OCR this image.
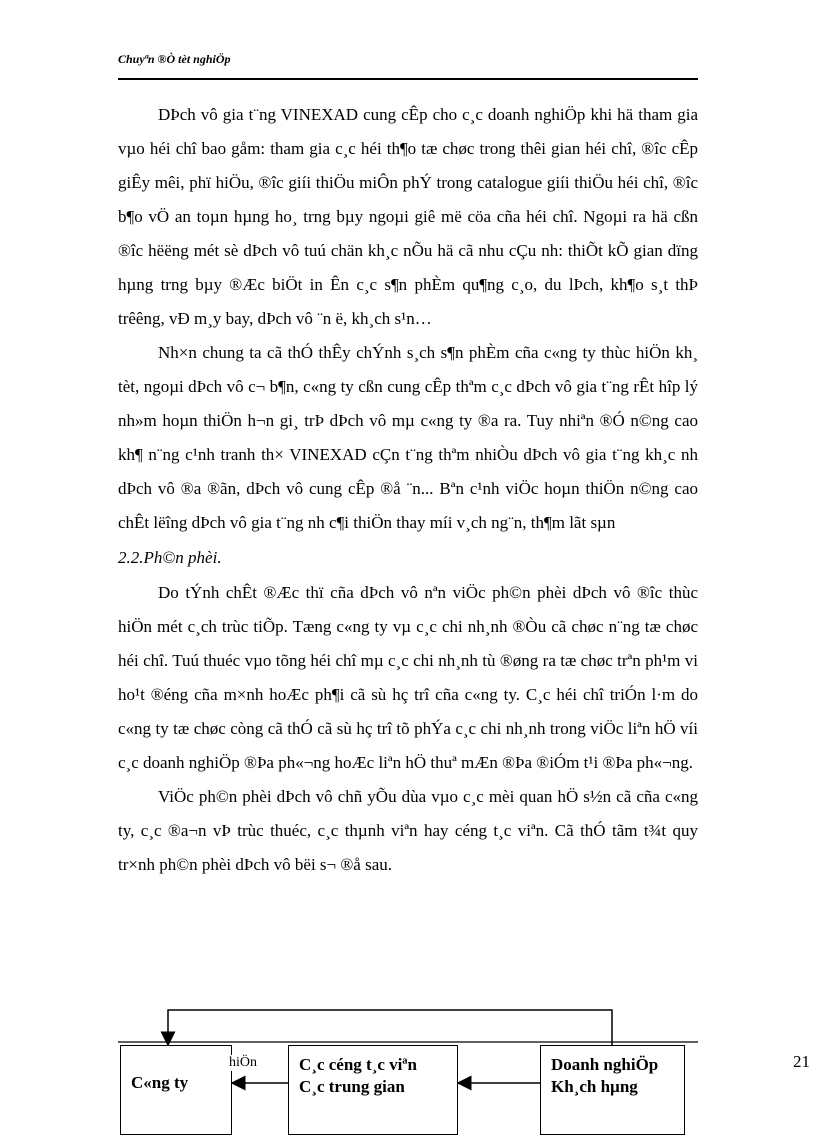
Chuyªn ®Ò tèt nghiÖp

DÞch vô gia t¨ng VINEXAD cung cÊp cho c¸c doanh nghiÖp khi hä tham gia vµo héi chî bao gåm: tham gia c¸c héi th¶o tæ chøc trong thêi gian héi chî, ®îc cÊp giÊy mêi, phï hiÖu, ®îc giíi thiÖu miÔn phÝ trong catalogue giíi thiÖu héi chî, ®îc b¶o vÖ an toµn hµng ho¸ trng bµy ngoµi giê më cöa cña héi chî. Ngoµi ra hä cßn ®îc hëëng mét sè dÞch vô tuú chän kh¸c nÕu hä cã nhu cÇu nh: thiÕt kÕ gian dïng hµng trng bµy ®Æc biÖt in Ên c¸c s¶n phÈm qu¶ng c¸o, du lÞch, kh¶o s¸t thÞ trêêng, vÐ m¸y bay, dÞch vô ¨n ë, kh¸ch s¹n…

Nh×n chung ta cã thÓ thÊy chÝnh s¸ch s¶n phÈm cña c«ng ty thùc hiÖn kh¸ tèt, ngoµi dÞch vô c¬ b¶n, c«ng ty cßn cung cÊp thªm c¸c dÞch vô gia t¨ng rÊt hîp lý nh»m hoµn thiÖn h¬n gi¸ trÞ dÞch vô mµ c«ng ty ®a ra. Tuy nhiªn ®Ó n©ng cao kh¶ n¨ng c¹nh tranh th× VINEXAD cÇn t¨ng thªm nhiÒu dÞch vô gia t¨ng kh¸c nh dÞch vô ®a ®ãn, dÞch vô cung cÊp ®å ¨n... Bªn c¹nh viÖc hoµn thiÖn n©ng cao chÊt lëîng dÞch vô gia t¨ng nh c¶i thiÖn thay míi v¸ch ng¨n, th¶m lãt sµn

2.2.Ph©n phèi.

Do tÝnh chÊt ®Æc thï cña dÞch vô nªn viÖc ph©n phèi dÞch vô ®îc thùc hiÖn mét c¸ch trùc tiÕp. Tæng c«ng ty vµ c¸c chi nh¸nh ®Òu cã chøc n¨ng tæ chøc héi chî. Tuú thuéc vµo tõng héi chî mµ c¸c chi nh¸nh tù ®øng ra tæ chøc trªn ph¹m vi ho¹t ®éng cña m×nh hoÆc ph¶i cã sù hç trî cña c«ng ty. C¸c héi chî triÓn l·m do c«ng ty tæ chøc còng cã thÓ cã sù hç trî tõ phÝa c¸c chi nh¸nh trong viÖc liªn hÖ víi c¸c doanh nghiÖp ®Þa ph«¬ng hoÆc liªn hÖ thuª mÆn ®Þa ®iÓm t¹i ®Þa ph«¬ng.

ViÖc ph©n phèi dÞch vô chñ yÕu dùa vµo c¸c mèi quan hÖ s½n cã cña c«ng ty, c¸c ®a¬n vÞ trùc thuéc, c¸c thµnh viªn hay céng t¸c viªn. Cã thÓ tãm t¾t quy tr×nh ph©n phèi dÞch vô bëi s¬ ®å sau.

C«ng ty
hiÖn C¸c céng t¸c viªn
C¸c trung gian
Doanh nghiÖp
Kh¸ch hµng
21
